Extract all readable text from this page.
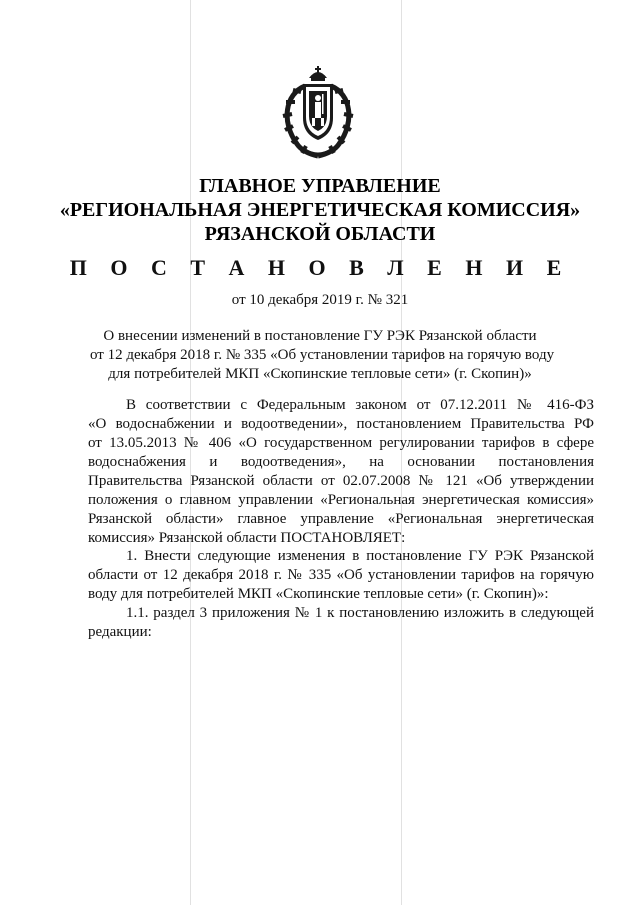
ГЛАВНОЕ УПРАВЛЕНИЕ
«РЕГИОНАЛЬНАЯ ЭНЕРГЕТИЧЕСКАЯ КОМИССИЯ»
РЯЗАНСКОЙ ОБЛАСТИ
П О С Т А Н О В Л Е Н И Е
от 10 декабря 2019 г. № 321
О внесении изменений в постановление ГУ РЭК Рязанской области
от 12 декабря 2018 г. № 335 «Об установлении тарифов на горячую воду
для потребителей МКП «Скопинские тепловые сети» (г. Скопин)»
В соответствии с Федеральным законом от 07.12.2011 № 416-ФЗ
«О водоснабжении и водоотведении», постановлением Правительства РФ
от 13.05.2013 № 406 «О государственном регулировании тарифов в сфере
водоснабжения и водоотведения», на основании постановления
Правительства Рязанской области от 02.07.2008 № 121 «Об утверждении
положения о главном управлении «Региональная энергетическая комиссия»
Рязанской области» главное управление «Региональная энергетическая
комиссия» Рязанской области ПОСТАНОВЛЯЕТ:
1. Внести следующие изменения в постановление ГУ РЭК Рязанской
области от 12 декабря 2018 г. № 335 «Об установлении тарифов на горячую
воду для потребителей МКП «Скопинские тепловые сети» (г. Скопин)»:
1.1. раздел 3 приложения № 1 к постановлению изложить в следующей
редакции:
